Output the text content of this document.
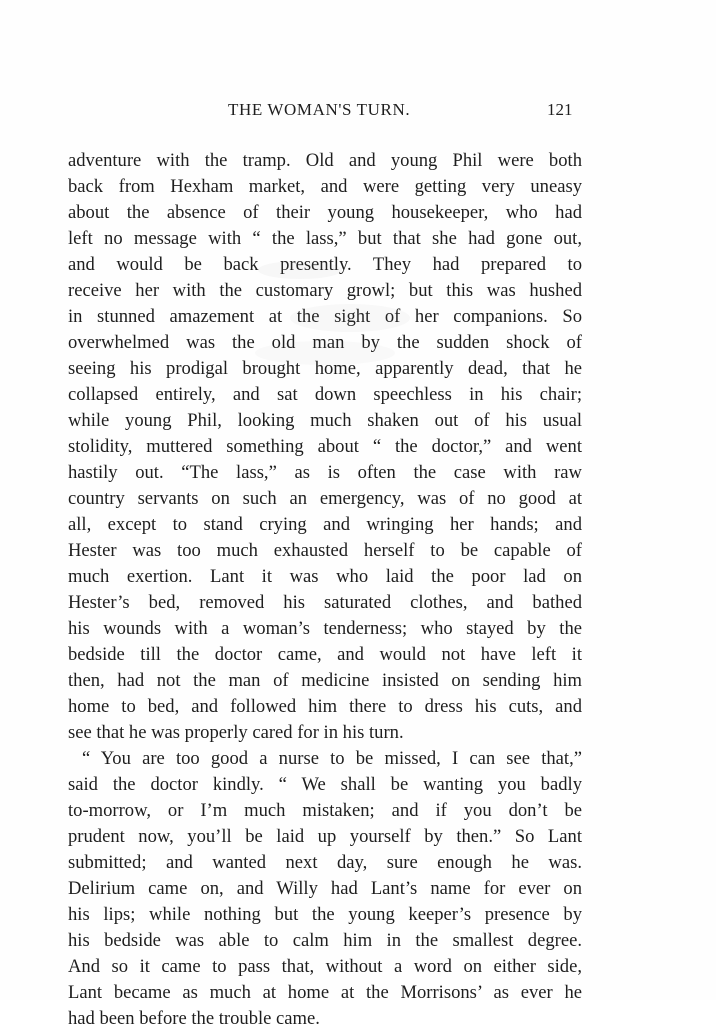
THE WOMAN'S TURN.	121
adventure with the tramp. Old and young Phil were both
back from Hexham market, and were getting very uneasy
about the absence of their young housekeeper, who had
left no message with “ the lass,” but that she had gone out,
and would be back presently. They had prepared to
receive her with the customary growl; but this was hushed
in stunned amazement at the sight of her companions. So
overwhelmed was the old man by the sudden shock of
seeing his prodigal brought home, apparently dead, that he
collapsed entirely, and sat down speechless in his chair;
while young Phil, looking much shaken out of his usual
stolidity, muttered something about “ the doctor,” and went
hastily out. “The lass,” as is often the case with raw
country servants on such an emergency, was of no good at
all, except to stand crying and wringing her hands; and
Hester was too much exhausted herself to be capable of
much exertion. Lant it was who laid the poor lad on
Hester’s bed, removed his saturated clothes, and bathed
his wounds with a woman’s tenderness; who stayed by the
bedside till the doctor came, and would not have left it
then, had not the man of medicine insisted on sending him
home to bed, and followed him there to dress his cuts, and
see that he was properly cared for in his turn.
“ You are too good a nurse to be missed, I can see that,”
said the doctor kindly. “ We shall be wanting you badly
to-morrow, or I’m much mistaken; and if you don’t be
prudent now, you’ll be laid up yourself by then.” So Lant
submitted; and wanted next day, sure enough he was.
Delirium came on, and Willy had Lant’s name for ever on
his lips; while nothing but the young keeper’s presence by
his bedside was able to calm him in the smallest degree.
And so it came to pass that, without a word on either side,
Lant became as much at home at the Morrisons’ as ever he
had been before the trouble came.
